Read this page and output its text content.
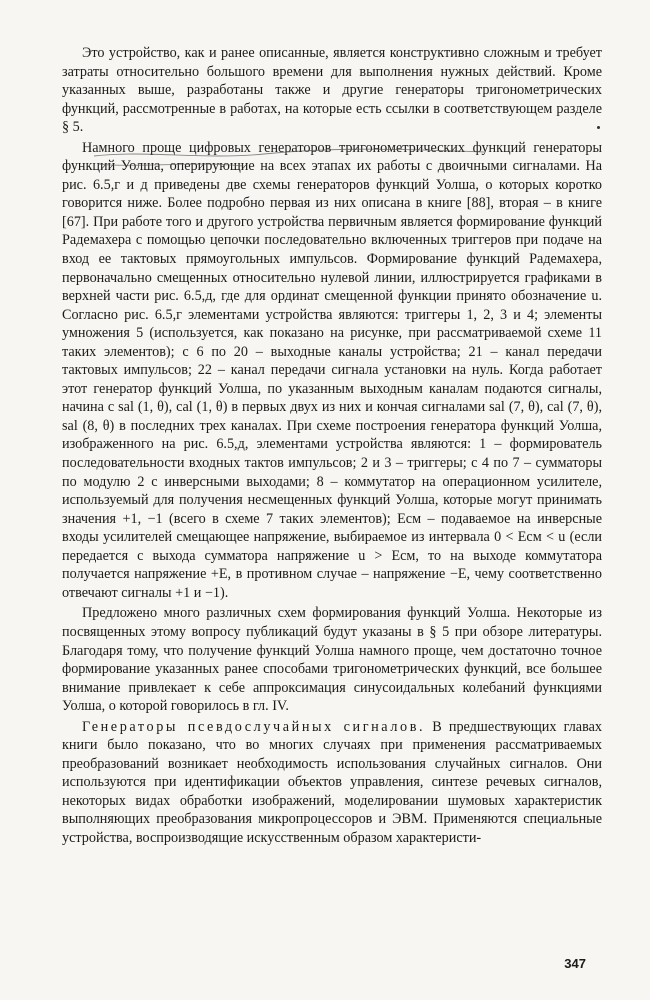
Это устройство, как и ранее описанные, является конструктивно сложным и требует затраты относительно большого времени для выполнения нужных действий. Кроме указанных выше, разработаны также и другие генераторы тригонометрических функций, рассмотренные в работах, на которые есть ссылки в соответствующем разделе § 5.

Намного проще цифровых генераторов тригонометрических функций генераторы функций Уолша, оперирующие на всех этапах их работы с двоичными сигналами. На рис. 6.5,г и д приведены две схемы генераторов функций Уолша, о которых коротко говорится ниже. Более подробно первая из них описана в книге [88], вторая – в книге [67]. При работе того и другого устройства первичным является формирование функций Радемахера с помощью цепочки последовательно включенных триггеров при подаче на вход ее тактовых прямоугольных импульсов. Формирование функций Радемахера, первоначально смещенных относительно нулевой линии, иллюстрируется графиками в верхней части рис. 6.5,д, где для ординат смещенной функции принято обозначение u. Согласно рис. 6.5,г элементами устройства являются: триггеры 1, 2, 3 и 4; элементы умножения 5 (используется, как показано на рисунке, при рассматриваемой схеме 11 таких элементов); с 6 по 20 – выходные каналы устройства; 21 – канал передачи тактовых импульсов; 22 – канал передачи сигнала установки на нуль. Когда работает этот генератор функций Уолша, по указанным выходным каналам подаются сигналы, начина с sal (1, θ), cal (1, θ) в первых двух из них и кончая сигналами sal (7, θ), cal (7, θ), sal (8, θ) в последних трех каналах. При схеме построения генератора функций Уолша, изображенного на рис. 6.5,д, элементами устройства являются: 1 – формирователь последовательности входных тактов импульсов; 2 и 3 – триггеры; с 4 по 7 – сумматоры по модулю 2 с инверсными выходами; 8 – коммутатор на операционном усилителе, используемый для получения несмещенных функций Уолша, которые могут принимать значения +1, −1 (всего в схеме 7 таких элементов); Eсм – подаваемое на инверсные входы усилителей смещающее напряжение, выбираемое из интервала 0 < Eсм < u (если передается с выхода сумматора напряжение u > Eсм, то на выходе коммутатора получается напряжение +E, в противном случае – напряжение −E, чему соответственно отвечают сигналы +1 и −1).

Предложено много различных схем формирования функций Уолша. Некоторые из посвященных этому вопросу публикаций будут указаны в § 5 при обзоре литературы. Благодаря тому, что получение функций Уолша намного проще, чем достаточно точное формирование указанных ранее способами тригонометрических функций, все большее внимание привлекает к себе аппроксимация синусоидальных колебаний функциями Уолша, о которой говорилось в гл. IV.

Генераторы псевдослучайных сигналов. В предшествующих главах книги было показано, что во многих случаях при применения рассматриваемых преобразований возникает необходимость использования случайных сигналов. Они используются при идентификации объектов управления, синтезе речевых сигналов, некоторых видах обработки изображений, моделировании шумовых характеристик выполняющих преобразования микропроцессоров и ЭВМ. Применяются специальные устройства, воспроизводящие искусственным образом характеристи-

347
